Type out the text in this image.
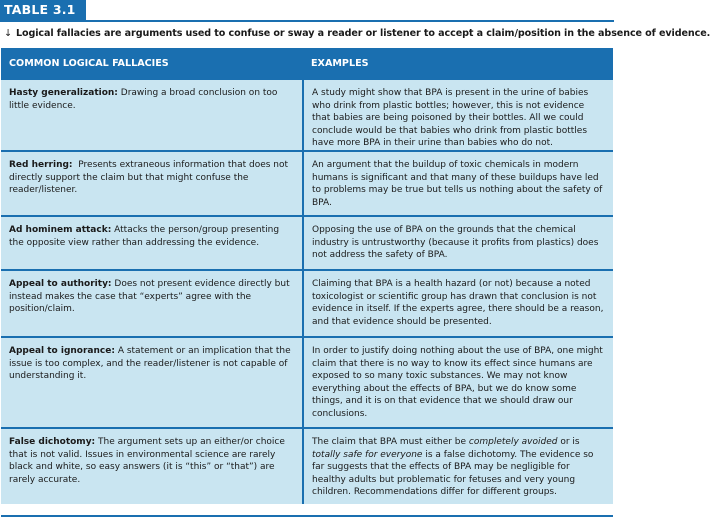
TABLE 3.1
↓ Logical fallacies are arguments used to confuse or sway a reader or listener to accept a claim/position in the absence of evidence.
COMMON LOGICAL FALLACIES	EXAMPLES
Hasty generalization: Drawing a broad conclusion on too little evidence.	A study might show that BPA is present in the urine of babies who drink from plastic bottles; however, this is not evidence that babies are being poisoned by their bottles. All we could conclude would be that babies who drink from plastic bottles have more BPA in their urine than babies who do not.
Red herring:  Presents extraneous information that does not directly support the claim but that might confuse the reader/listener.	An argument that the buildup of toxic chemicals in modern humans is significant and that many of these buildups have led to problems may be true but tells us nothing about the safety of BPA.
Ad hominem attack: Attacks the person/group presenting the opposite view rather than addressing the evidence.	Opposing the use of BPA on the grounds that the chemical industry is untrustworthy (because it profits from plastics) does not address the safety of BPA.
Appeal to authority: Does not present evidence directly but instead makes the case that “experts” agree with the position/claim.	Claiming that BPA is a health hazard (or not) because a noted toxicologist or scientific group has drawn that conclusion is not evidence in itself. If the experts agree, there should be a reason, and that evidence should be presented.
Appeal to ignorance: A statement or an implication that the issue is too complex, and the reader/listener is not capable of understanding it.	In order to justify doing nothing about the use of BPA, one might claim that there is no way to know its effect since humans are exposed to so many toxic substances. We may not know everything about the effects of BPA, but we do know some things, and it is on that evidence that we should draw our conclusions.
False dichotomy: The argument sets up an either/or choice that is not valid. Issues in environmental science are rarely black and white, so easy answers (it is “this” or “that”) are rarely accurate.	The claim that BPA must either be completely avoided or is totally safe for everyone is a false dichotomy. The evidence so far suggests that the effects of BPA may be negligible for healthy adults but problematic for fetuses and very young children. Recommendations differ for different groups.
